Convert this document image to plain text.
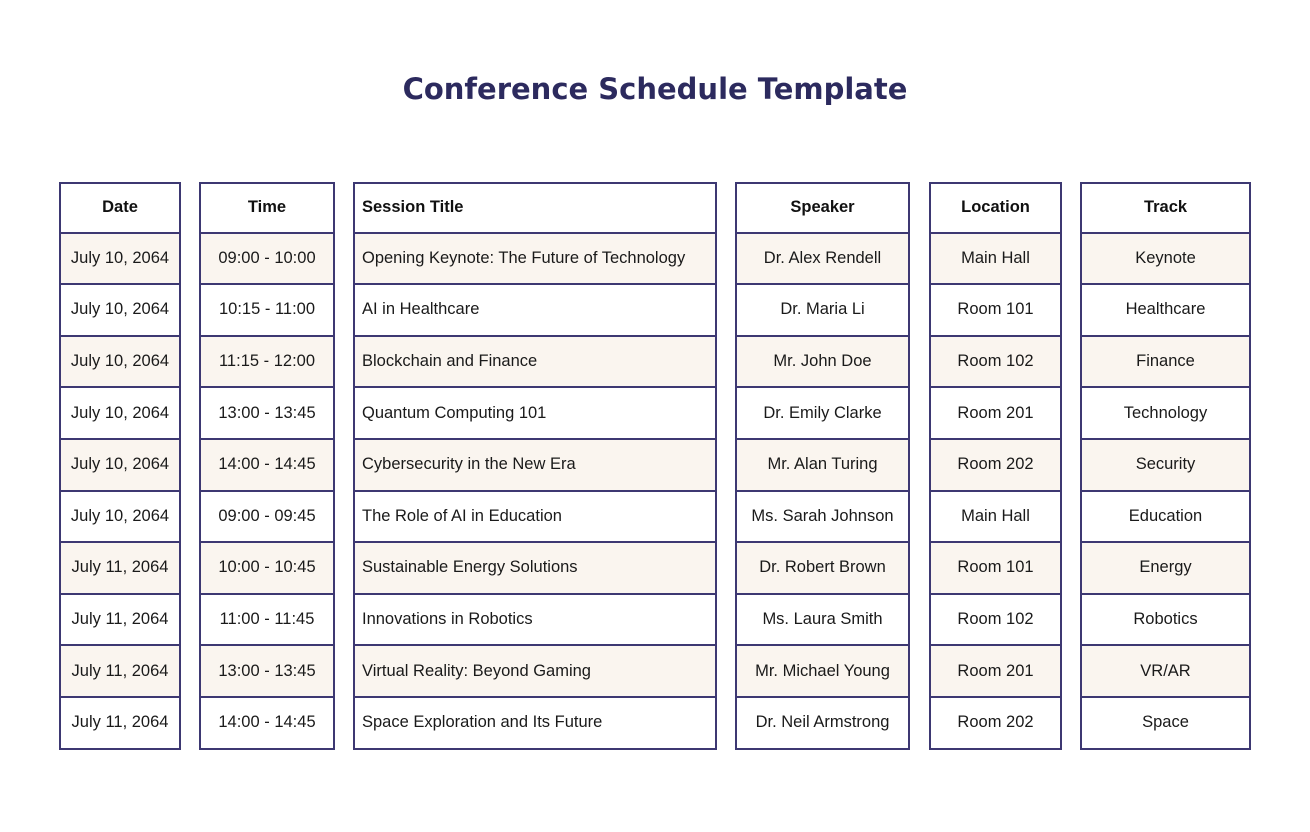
Conference Schedule Template
Date
July 10, 2064
July 10, 2064
July 10, 2064
July 10, 2064
July 10, 2064
July 10, 2064
July 11, 2064
July 11, 2064
July 11, 2064
July 11, 2064
Time
09:00 - 10:00
10:15 - 11:00
11:15 - 12:00
13:00 - 13:45
14:00 - 14:45
09:00 - 09:45
10:00 - 10:45
11:00 - 11:45
13:00 - 13:45
14:00 - 14:45
Session Title
Opening Keynote: The Future of Technology
AI in Healthcare
Blockchain and Finance
Quantum Computing 101
Cybersecurity in the New Era
The Role of AI in Education
Sustainable Energy Solutions
Innovations in Robotics
Virtual Reality: Beyond Gaming
Space Exploration and Its Future
Speaker
Dr. Alex Rendell
Dr. Maria Li
Mr. John Doe
Dr. Emily Clarke
Mr. Alan Turing
Ms. Sarah Johnson
Dr. Robert Brown
Ms. Laura Smith
Mr. Michael Young
Dr. Neil Armstrong
Location
Main Hall
Room 101
Room 102
Room 201
Room 202
Main Hall
Room 101
Room 102
Room 201
Room 202
Track
Keynote
Healthcare
Finance
Technology
Security
Education
Energy
Robotics
VR/AR
Space
